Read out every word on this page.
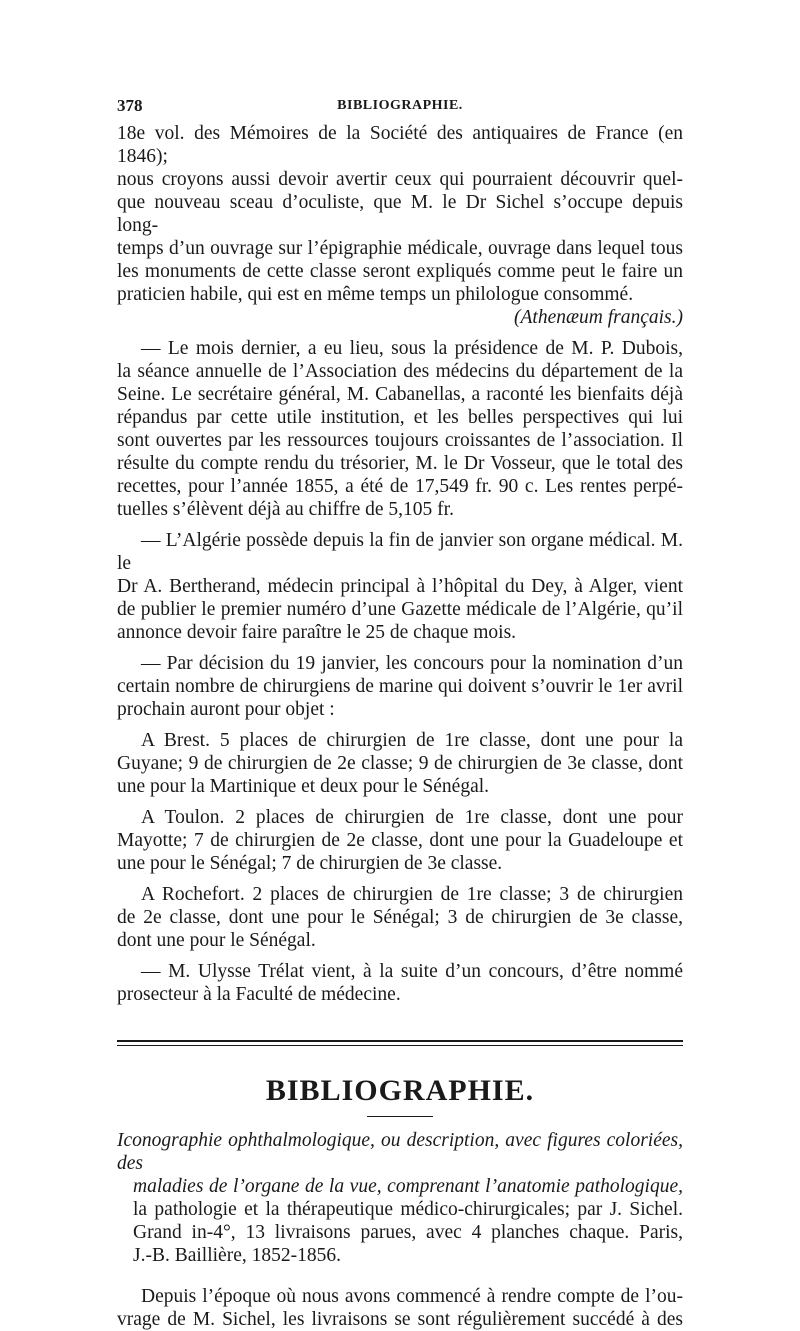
378	BIBLIOGRAPHIE.

18e vol. des Mémoires de la Société des antiquaires de France (en 1846);

nous croyons aussi devoir avertir ceux qui pourraient découvrir quel-

que nouveau sceau d’oculiste, que M. le Dr Sichel s’occupe depuis long-

temps d’un ouvrage sur l’épigraphie médicale, ouvrage dans lequel tous

les monuments de cette classe seront expliqués comme peut le faire un

praticien habile, qui est en même temps un philologue consommé.

(Athenæum français.)

— Le mois dernier, a eu lieu, sous la présidence de M. P. Dubois,

la séance annuelle de l’Association des médecins du département de la

Seine. Le secrétaire général, M. Cabanellas, a raconté les bienfaits déjà

répandus par cette utile institution, et les belles perspectives qui lui

sont ouvertes par les ressources toujours croissantes de l’association. Il

résulte du compte rendu du trésorier, M. le Dr Vosseur, que le total des

recettes, pour l’année 1855, a été de 17,549 fr. 90 c. Les rentes perpé-

tuelles s’élèvent déjà au chiffre de 5,105 fr.

— L’Algérie possède depuis la fin de janvier son organe médical. M. le

Dr A. Bertherand, médecin principal à l’hôpital du Dey, à Alger, vient

de publier le premier numéro d’une Gazette médicale de l’Algérie, qu’il

annonce devoir faire paraître le 25 de chaque mois.

— Par décision du 19 janvier, les concours pour la nomination d’un

certain nombre de chirurgiens de marine qui doivent s’ouvrir le 1er avril

prochain auront pour objet :

A Brest. 5 places de chirurgien de 1re classe, dont une pour la

Guyane; 9 de chirurgien de 2e classe; 9 de chirurgien de 3e classe, dont

une pour la Martinique et deux pour le Sénégal.

A Toulon. 2 places de chirurgien de 1re classe, dont une pour

Mayotte; 7 de chirurgien de 2e classe, dont une pour la Guadeloupe et

une pour le Sénégal; 7 de chirurgien de 3e classe.

A Rochefort. 2 places de chirurgien de 1re classe; 3 de chirurgien

de 2e classe, dont une pour le Sénégal; 3 de chirurgien de 3e classe,

dont une pour le Sénégal.

— M. Ulysse Trélat vient, à la suite d’un concours, d’être nommé

prosecteur à la Faculté de médecine.

BIBLIOGRAPHIE.

Iconographie ophthalmologique, ou description, avec figures coloriées, des

maladies de l’organe de la vue, comprenant l’anatomie pathologique,

la pathologie et la thérapeutique médico-chirurgicales; par J. Sichel.

Grand in-4°, 13 livraisons parues, avec 4 planches chaque. Paris,

J.-B. Baillière, 1852-1856.

Depuis l’époque où nous avons commencé à rendre compte de l’ou-

vrage de M. Sichel, les livraisons se sont régulièrement succédé à des
